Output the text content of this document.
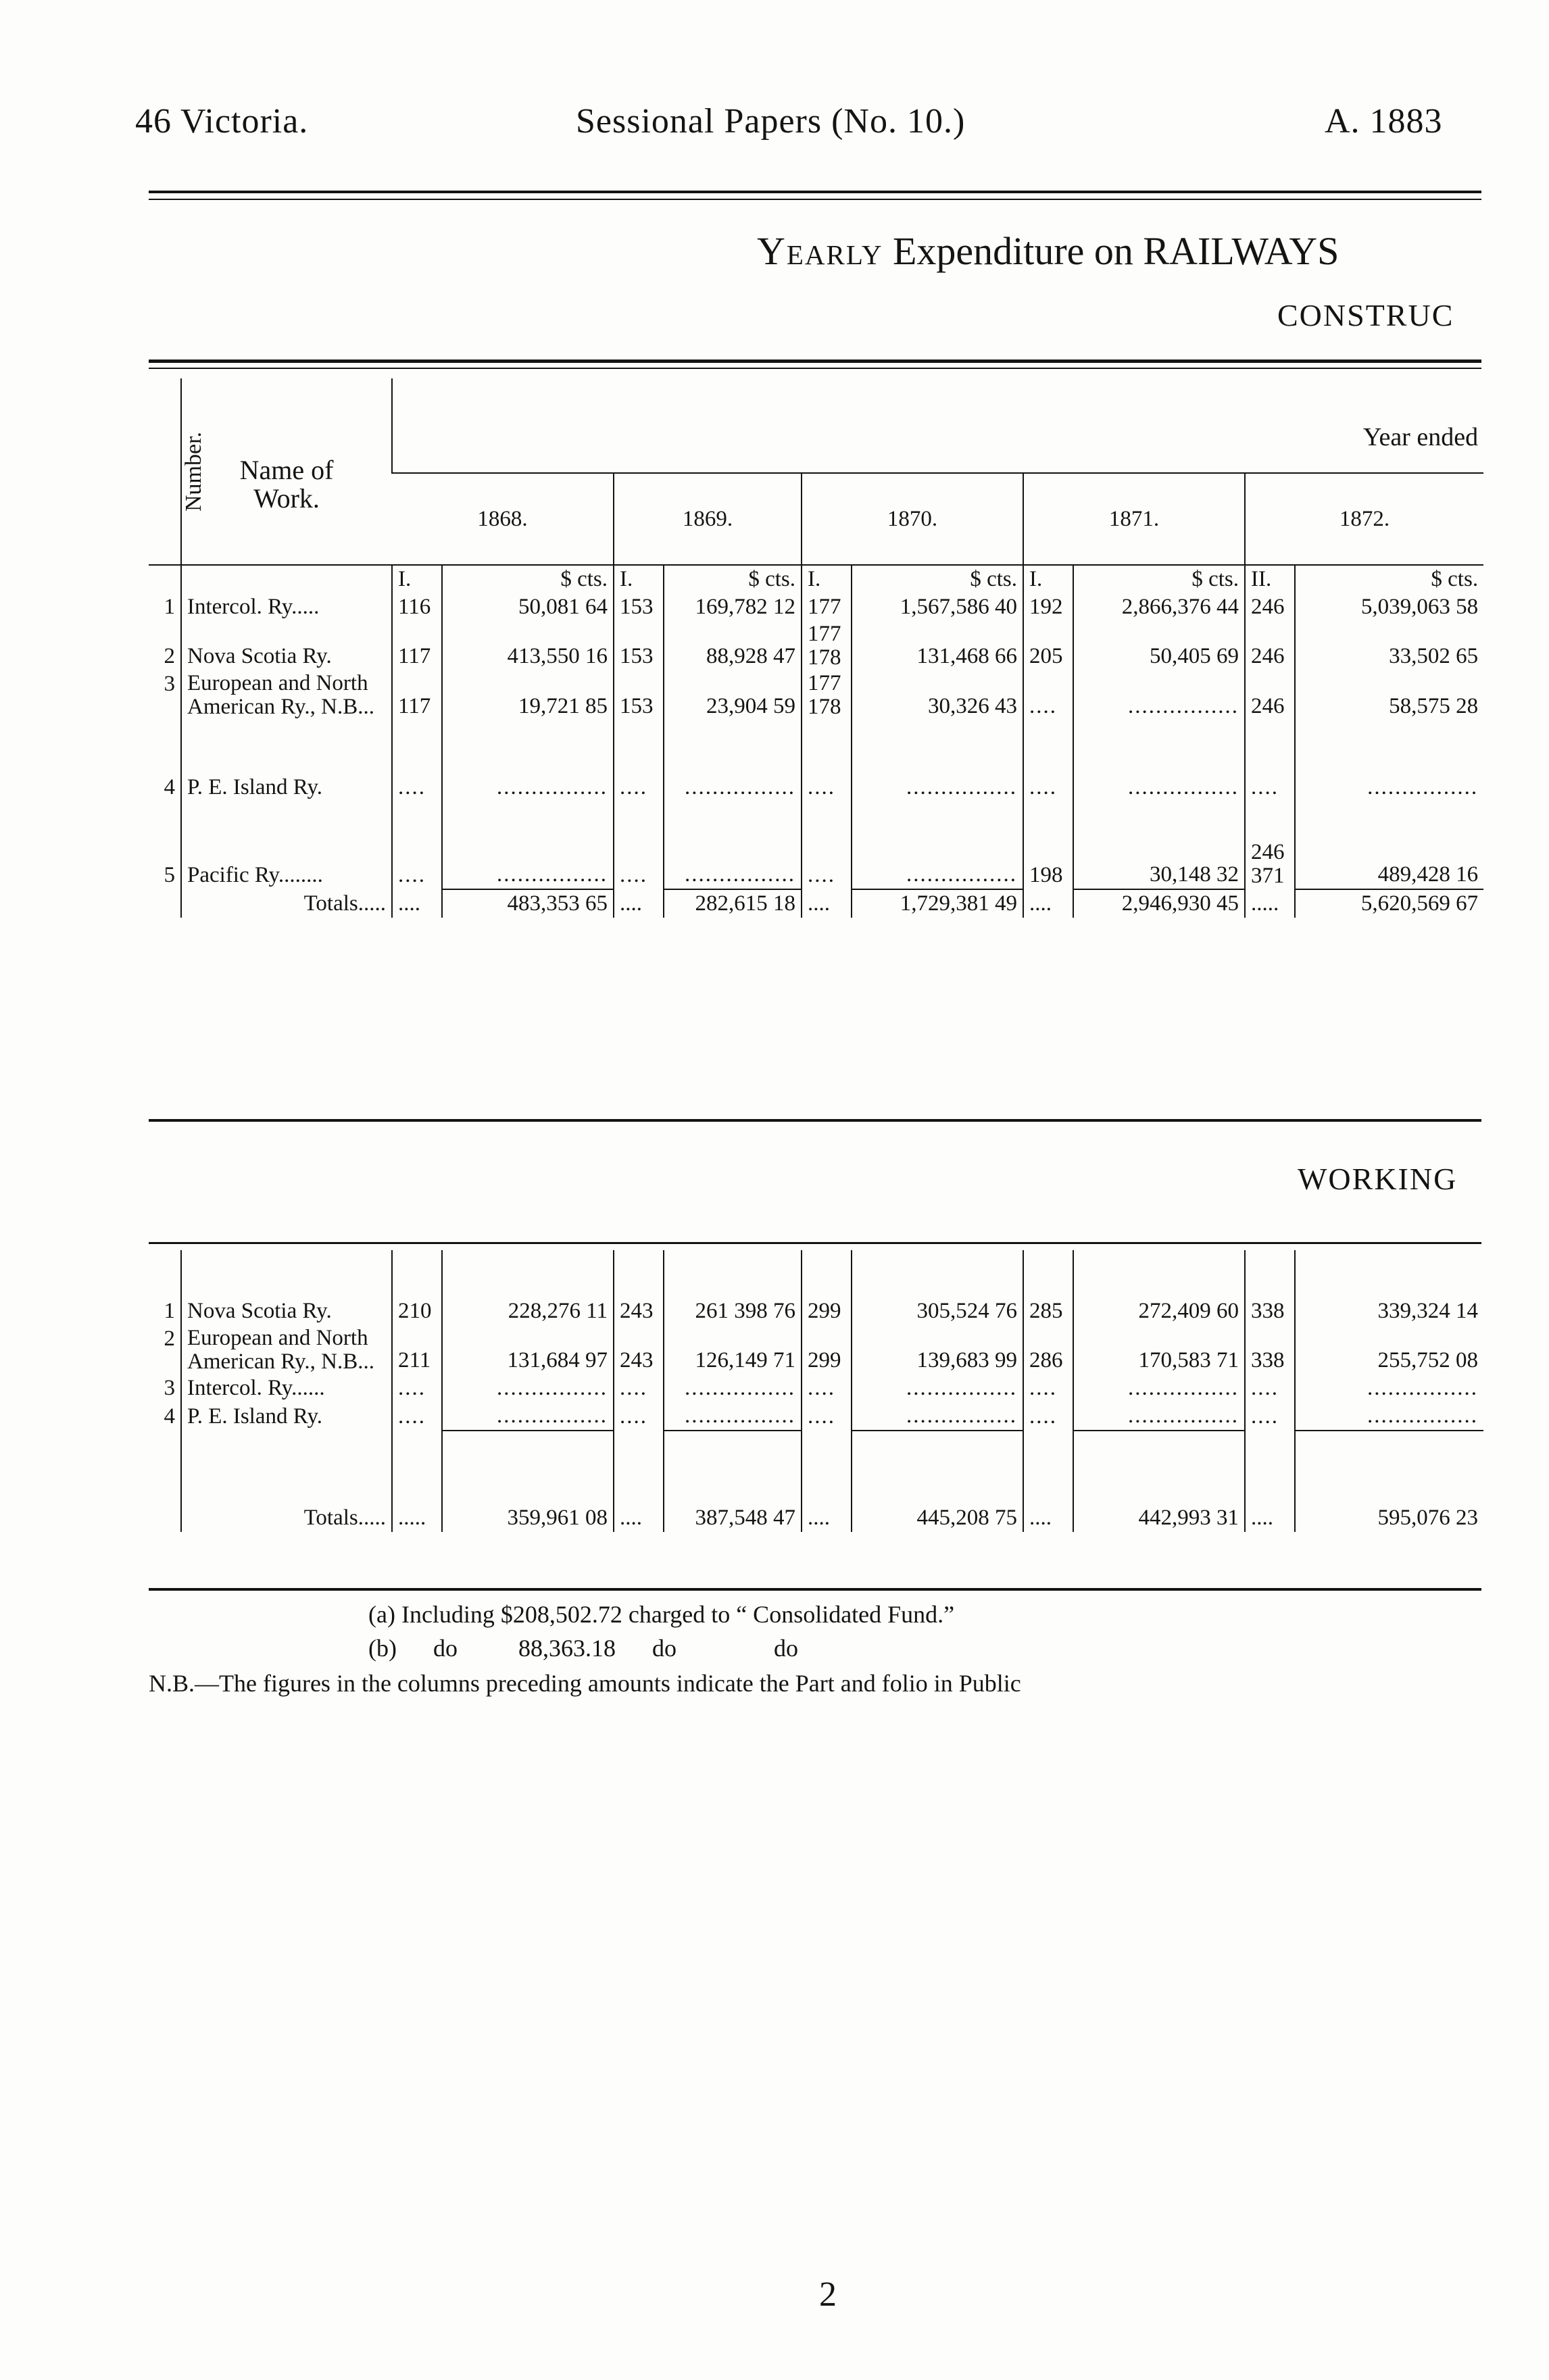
46 Victoria.	Sessional Papers (No. 10.)	A. 1883
Yearly Expenditure on RAILWAYS
CONSTRUC
Number.	Name of Work.	Year ended									
		1868.		1869.		1870.		1871.		1872.	
		I.	$ cts.	I.	$ cts.	I.	$ cts.	I.	$ cts.	II.	$ cts.
1	Intercol. Ry.....	116	50,081 64	153	169,782 12	177	1,567,586 40	192	2,866,376 44	246	5,039,063 58
2	Nova Scotia Ry.	117	413,550 16	153	88,928 47	177 178	131,468 66	205	50,405 69	246	33,502 65
3	European and North American Ry., N.B...	117	19,721 85	153	23,904 59	177 178	30,326 43	....	................	246	58,575 28
4	P. E. Island Ry.	....	................	....	................	....	................	....	................	....	................
5	Pacific Ry........	....	................	....	................	....	................	198	30,148 32	246 371	489,428 16
	Totals.....	....	483,353 65	....	282,615 18	....	1,729,381 49	....	2,946,930 45	.....	5,620,569 67
WORKING

1	Nova Scotia Ry.	210	228,276 11	243	261 398 76	299	305,524 76	285	272,409 60	338	339,324 14
2	European and North American Ry., N.B...	211	131,684 97	243	126,149 71	299	139,683 99	286	170,583 71	338	255,752 08
3	Intercol. Ry......	....	................	....	................	....	................	....	................	....	................
4	P. E. Island Ry.	....	................	....	................	....	................	....	................	....	................
	Totals.....	.....	359,961 08	....	387,548 47	....	445,208 75	....	442,993 31	....	595,076 23
(a) Including $208,502.72 charged to “ Consolidated Fund.”
(b)      do          88,363.18      do                do
N.B.—The figures in the columns preceding amounts indicate the Part and folio in Public
2
